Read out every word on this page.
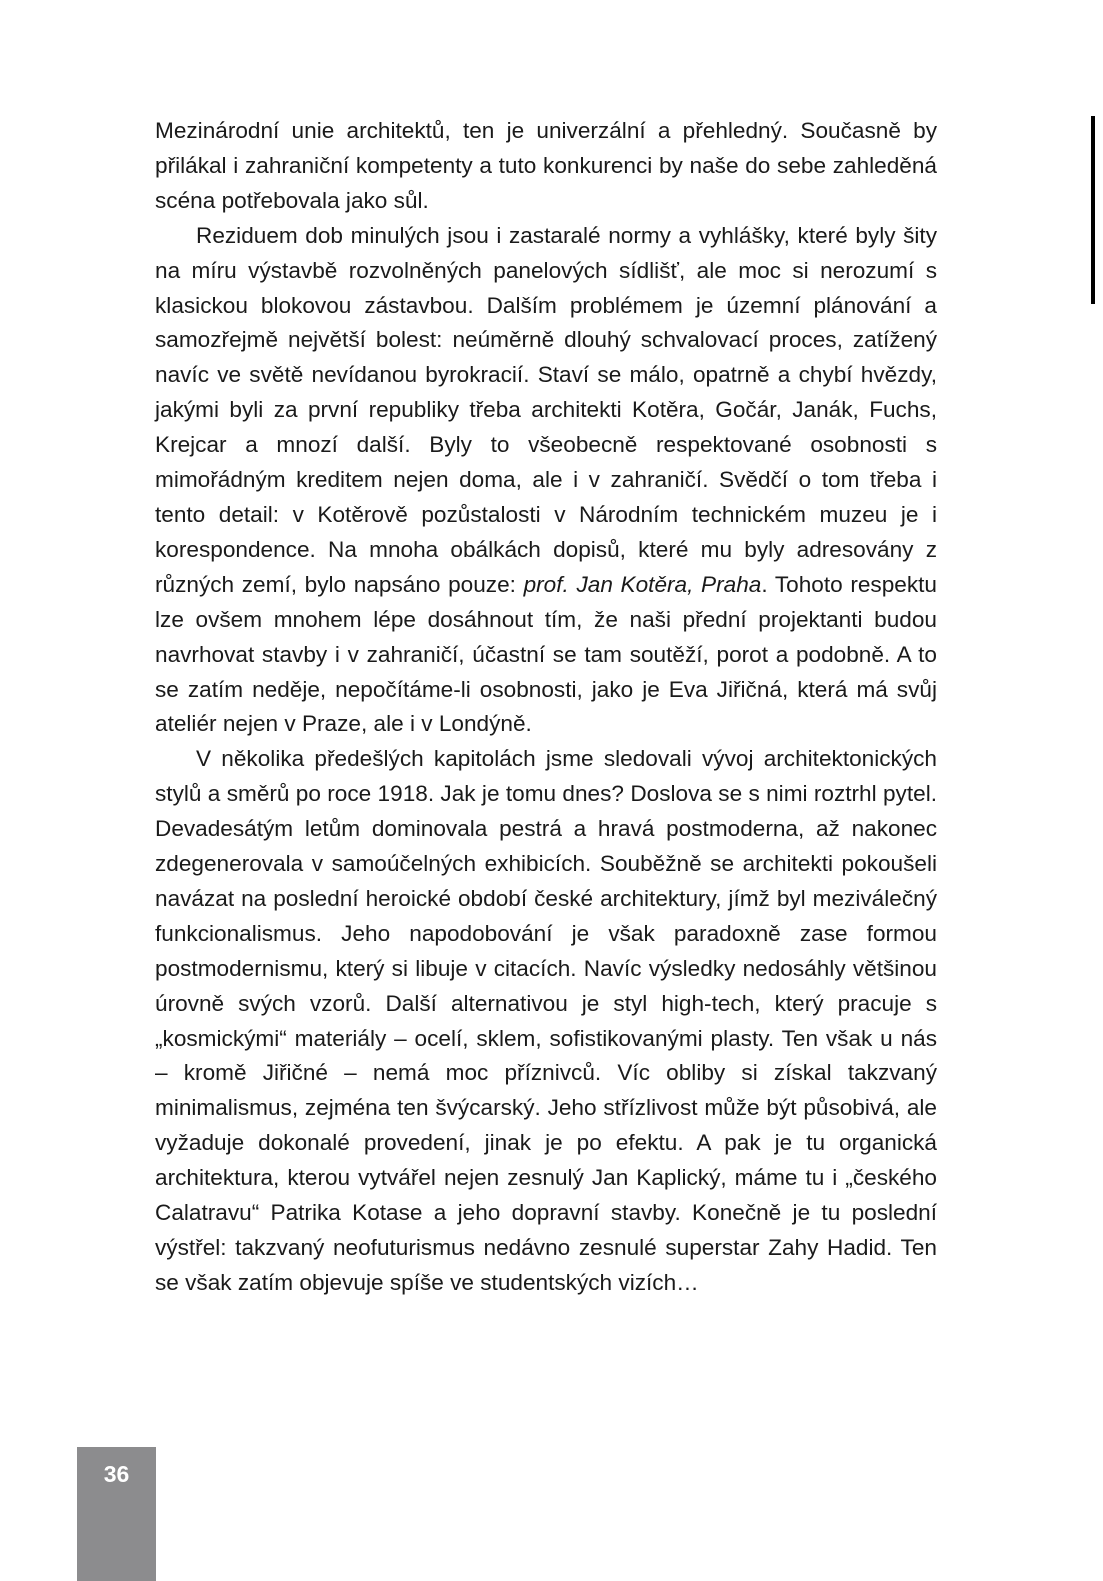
Mezinárodní unie architektů, ten je univerzální a přehledný. Současně by přilákal i zahraniční kompetenty a tuto konkurenci by naše do sebe zahleděná scéna potřebovala jako sůl.

Reziduem dob minulých jsou i zastaralé normy a vyhlášky, které byly šity na míru výstavbě rozvolněných panelových sídlišť, ale moc si nerozumí s klasickou blokovou zástavbou. Dalším problémem je územní plánování a samozřejmě největší bolest: neúměrně dlouhý schvalovací proces, zatížený navíc ve světě nevídanou byrokracií. Staví se málo, opatrně a chybí hvězdy, jakými byli za první republiky třeba architekti Kotěra, Gočár, Janák, Fuchs, Krejcar a mnozí další. Byly to všeobecně respektované osobnosti s mimořádným kreditem nejen doma, ale i v zahraničí. Svědčí o tom třeba i tento detail: v Kotěrově pozůstalosti v Národním technickém muzeu je i korespondence. Na mnoha obálkách dopisů, které mu byly adresovány z různých zemí, bylo napsáno pouze: prof. Jan Kotěra, Praha. Tohoto respektu lze ovšem mnohem lépe dosáhnout tím, že naši přední projektanti budou navrhovat stavby i v zahraničí, účastní se tam soutěží, porot a podobně. A to se zatím neděje, nepočítáme-li osobnosti, jako je Eva Jiřičná, která má svůj ateliér nejen v Praze, ale i v Londýně.

V několika předešlých kapitolách jsme sledovali vývoj architektonických stylů a směrů po roce 1918. Jak je tomu dnes? Doslova se s nimi roztrhl pytel. Devadesátým letům dominovala pestrá a hravá postmoderna, až nakonec zdegenerovala v samoúčelných exhibicích. Souběžně se architekti pokoušeli navázat na poslední heroické období české architektury, jímž byl meziválečný funkcionalismus. Jeho napodobování je však paradoxně zase formou postmodernismu, který si libuje v citacích. Navíc výsledky nedosáhly většinou úrovně svých vzorů. Další alternativou je styl high-tech, který pracuje s „kosmickými“ materiály – ocelí, sklem, sofistikovanými plasty. Ten však u nás – kromě Jiřičné – nemá moc příznivců. Víc obliby si získal takzvaný minimalismus, zejména ten švýcarský. Jeho střízlivost může být působivá, ale vyžaduje dokonalé provedení, jinak je po efektu. A pak je tu organická architektura, kterou vytvářel nejen zesnulý Jan Kaplický, máme tu i „českého Calatravu“ Patrika Kotase a jeho dopravní stavby. Konečně je tu poslední výstřel: takzvaný neofuturismus nedávno zesnulé superstar Zahy Hadid. Ten se však zatím objevuje spíše ve studentských vizích…

36
